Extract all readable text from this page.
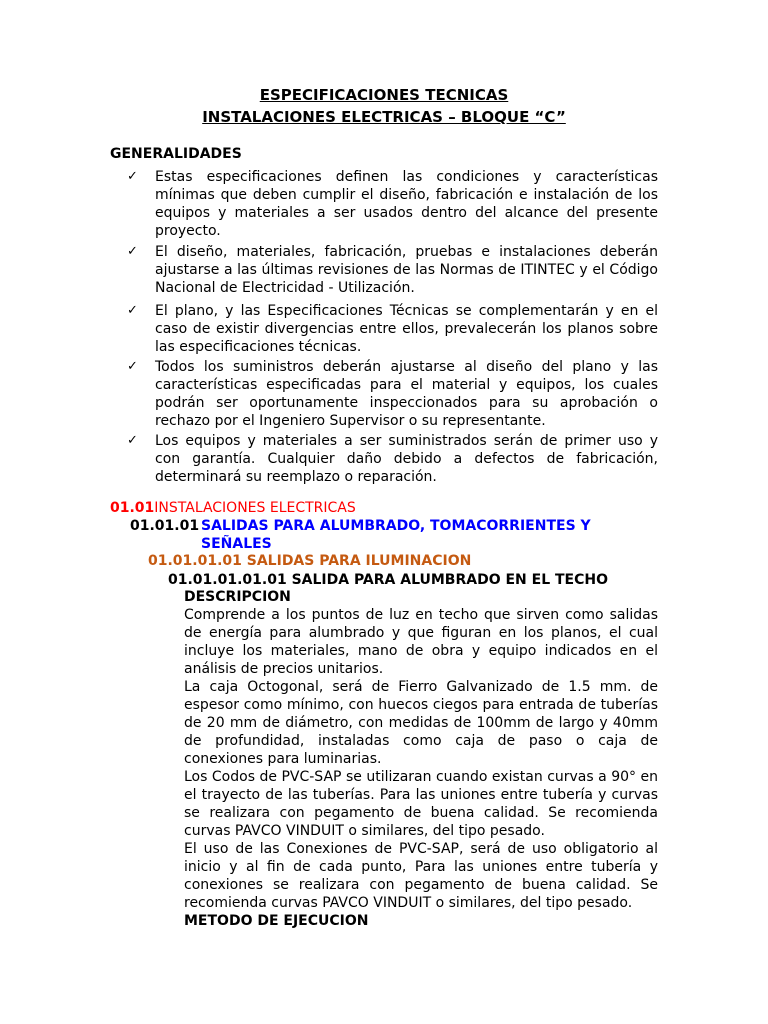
ESPECIFICACIONES TECNICAS
INSTALACIONES ELECTRICAS – BLOQUE “C”
GENERALIDADES
✓	Estas especificaciones definen las condiciones y características mínimas que deben cumplir el diseño, fabricación e instalación de los equipos y materiales a ser usados dentro del alcance del presente proyecto.
✓	El diseño, materiales, fabricación, pruebas e instalaciones deberán ajustarse a las últimas revisiones de las Normas de ITINTEC y el Código Nacional de Electricidad - Utilización.
✓	El plano, y las Especificaciones Técnicas se complementarán y en el caso de existir divergencias entre ellos, prevalecerán los planos sobre las especificaciones técnicas.
✓	Todos los suministros deberán ajustarse al diseño del plano y las características especificadas para el material y equipos, los cuales podrán ser oportunamente inspeccionados para su aprobación o rechazo por el Ingeniero Supervisor o su representante.
✓	Los equipos y materiales a ser suministrados serán de primer uso y con garantía. Cualquier daño debido a defectos de fabricación, determinará su reemplazo o reparación.
01.01INSTALACIONES ELECTRICAS
01.01.01 SALIDAS PARA ALUMBRADO, TOMACORRIENTES Y SEÑALES
01.01.01.01 SALIDAS PARA ILUMINACION
01.01.01.01.01 SALIDA PARA ALUMBRADO EN EL TECHO
DESCRIPCION
Comprende a los puntos de luz en techo que sirven como salidas de energía para alumbrado y que figuran en los planos, el cual incluye los materiales, mano de obra y equipo indicados en el análisis de precios unitarios.
La caja Octogonal, será de Fierro Galvanizado de 1.5 mm. de espesor como mínimo, con huecos ciegos para entrada de tuberías de 20 mm de diámetro, con medidas de 100mm de largo y 40mm de profundidad, instaladas como caja de paso o caja de conexiones para luminarias.
Los Codos de PVC-SAP se utilizaran cuando existan curvas a 90° en el trayecto de las tuberías. Para las uniones entre tubería y curvas se realizara con pegamento de buena calidad. Se recomienda curvas PAVCO VINDUIT o similares, del tipo pesado.
El uso de las Conexiones de PVC-SAP, será de uso obligatorio al inicio y al fin de cada punto, Para las uniones entre tubería y conexiones se realizara con pegamento de buena calidad. Se recomienda curvas PAVCO VINDUIT o similares, del tipo pesado.
METODO DE EJECUCION
